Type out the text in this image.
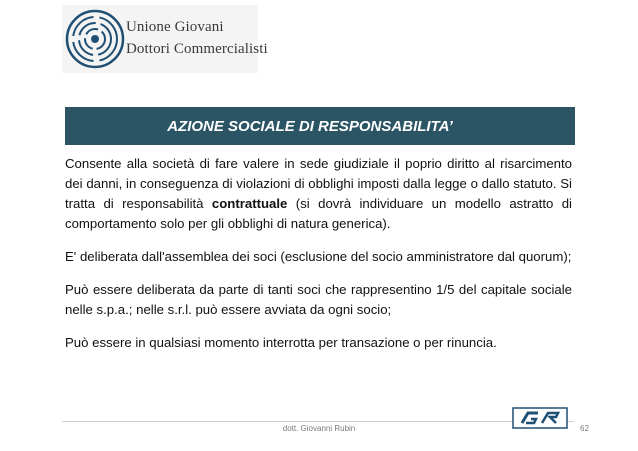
Unione Giovani
Dottori Commercialisti
AZIONE SOCIALE DI RESPONSABILITA’

Consente alla società di fare valere in sede giudiziale il poprio diritto al risarcimento dei danni, in conseguenza di violazioni di obblighi imposti dalla legge o dallo statuto. Si tratta di responsabilità contrattuale (si dovrà individuare un modello astratto di comportamento solo per gli obblighi di natura generica).

E' deliberata dall'assemblea dei soci (esclusione del socio amministratore dal quorum);

Può essere deliberata da parte di tanti soci che rappresentino 1/5 del capitale sociale nelle s.p.a.; nelle s.r.l. può essere avviata da ogni socio;

Può essere in qualsiasi momento interrotta per transazione o per rinuncia.

dott. Giovanni Rubin	62
